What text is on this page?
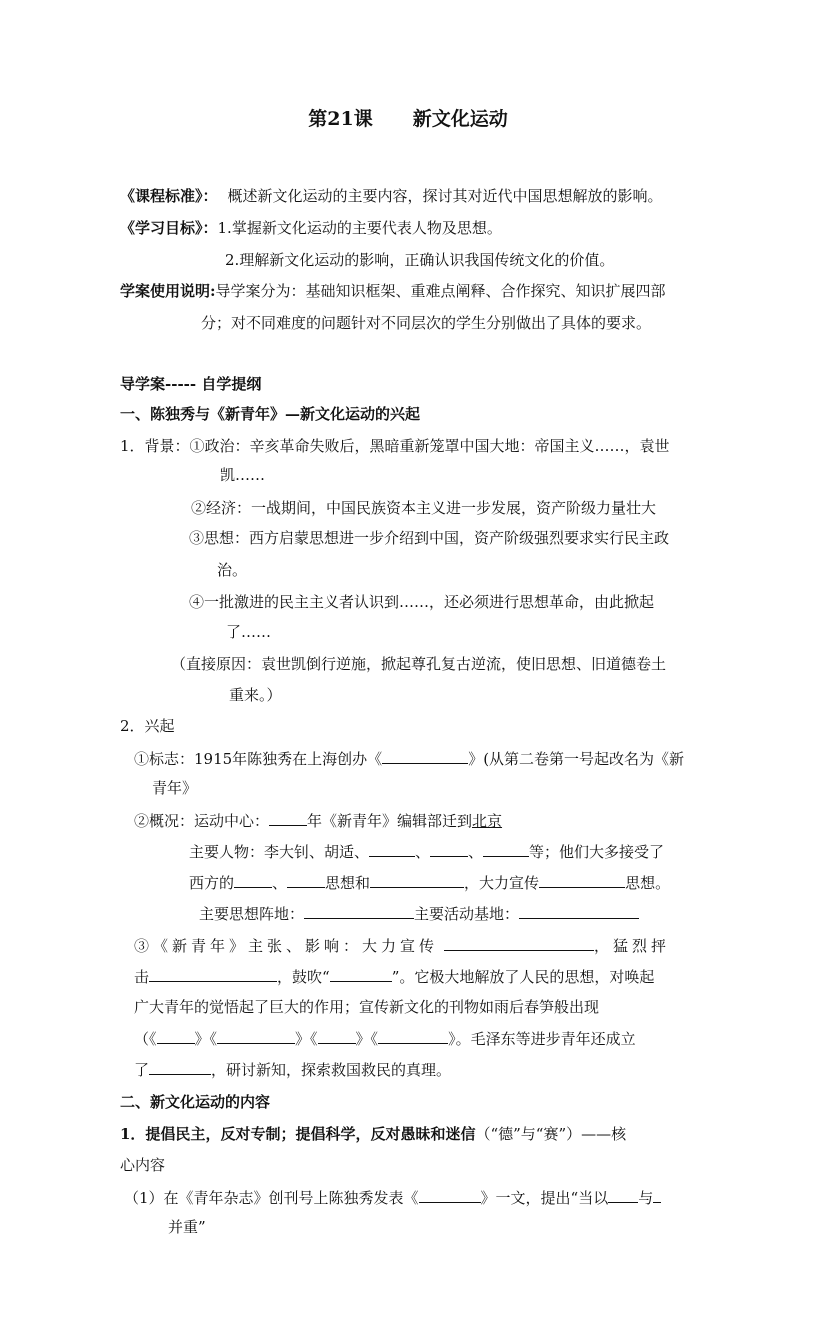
第21课 新文化运动
《课程标准》： 概述新文化运动的主要内容，探讨其对近代中国思想解放的影响。
《学习目标》：1.掌握新文化运动的主要代表人物及思想。
2.理解新文化运动的影响，正确认识我国传统文化的价值。
学案使用说明:导学案分为：基础知识框架、重难点阐释、合作探究、知识扩展四部
分；对不同难度的问题针对不同层次的学生分别做出了具体的要求。
导学案----- 自学提纲
一、陈独秀与《新青年》—新文化运动的兴起
1．背景：①政治：辛亥革命失败后，黑暗重新笼罩中国大地：帝国主义……，袁世
凯……
②经济：一战期间，中国民族资本主义进一步发展，资产阶级力量壮大
③思想：西方启蒙思想进一步介绍到中国，资产阶级强烈要求实行民主政
治。
④一批激进的民主主义者认识到……，还必须进行思想革命，由此掀起
了……
（直接原因：袁世凯倒行逆施，掀起尊孔复古逆流，使旧思想、旧道德卷土
重来。）
2．兴起
①标志：1915年陈独秀在上海创办《	》(从第二卷第一号起改名为《新
青年》
②概况：运动中心：	年《新青年》编辑部迁到北京
主要人物：李大钊、胡适、	、	、	等；他们大多接受了
西方的	、	思想和	，大力宣传	思想。
主要思想阵地：	主要活动基地：
③《新青年》主张、影响：大力宣传	，猛烈抨
击	，鼓吹“	”。它极大地解放了人民的思想，对唤起
广大青年的觉悟起了巨大的作用；宣传新文化的刊物如雨后春笋般出现
（《	》《	》《	》《	》。毛泽东等进步青年还成立
了	，研讨新知，探索救国救民的真理。
二、新文化运动的内容
1．提倡民主，反对专制；提倡科学，反对愚昧和迷信（“德”与“赛”）——核
心内容
（1）在《青年杂志》创刊号上陈独秀发表《	》一文，提出“当以 与
并重”
